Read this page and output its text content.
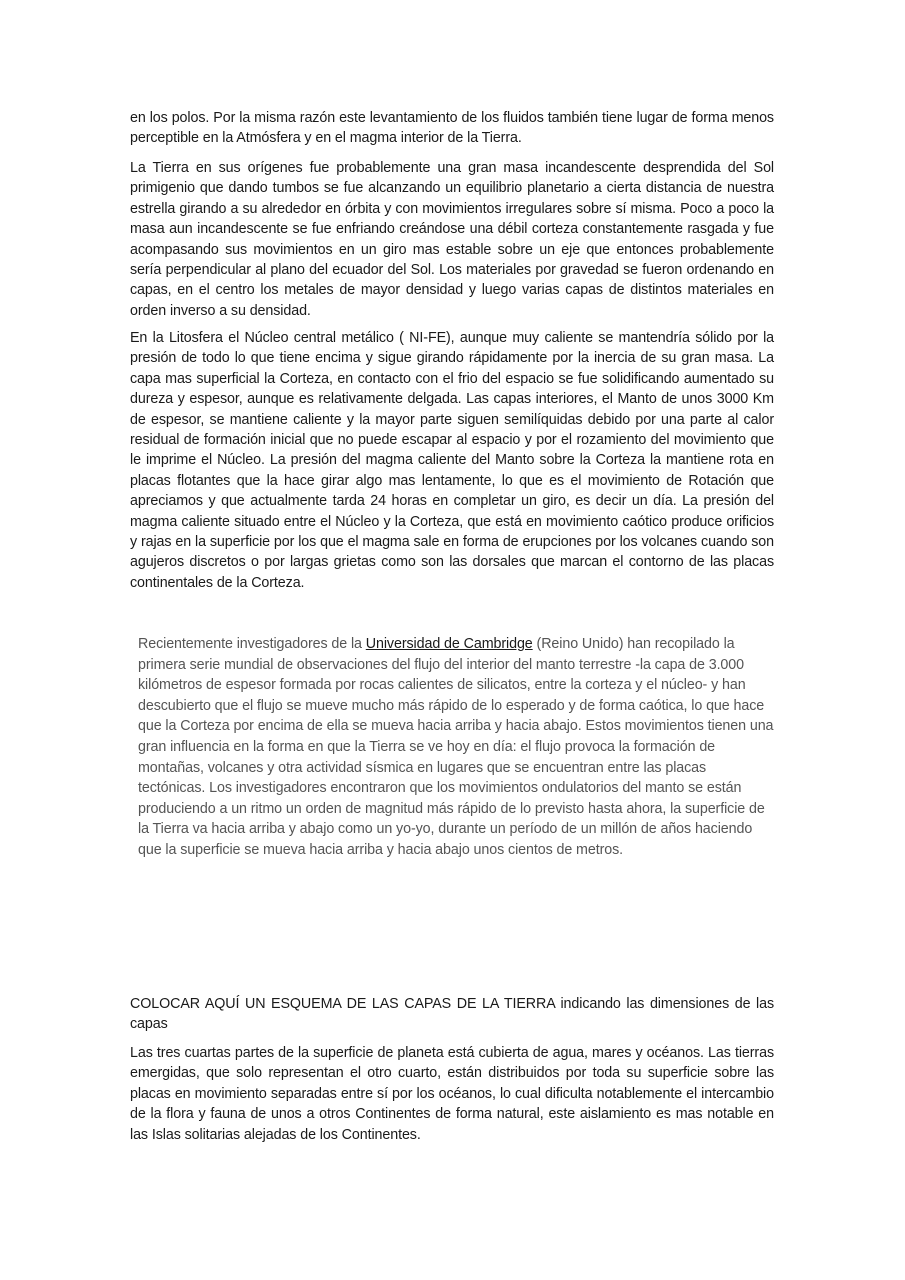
en los polos. Por la misma razón este levantamiento de los fluidos también tiene lugar de forma menos perceptible en la Atmósfera y en el magma interior de la Tierra.

La Tierra en sus orígenes fue probablemente una gran masa incandescente desprendida del Sol primigenio que dando tumbos se fue alcanzando un equilibrio planetario a cierta distancia de nuestra estrella girando a su alrededor en órbita y con movimientos irregulares sobre sí misma. Poco a poco la masa aun incandescente se fue enfriando creándose una débil corteza constantemente rasgada y fue acompasando sus movimientos en un giro mas estable sobre un eje que entonces probablemente sería perpendicular al plano del ecuador del Sol. Los materiales por gravedad se fueron ordenando en capas, en el centro los metales de mayor densidad y luego varias capas de distintos materiales en orden inverso a su densidad.

En la Litosfera el Núcleo central metálico ( NI-FE), aunque muy caliente se mantendría sólido por la presión de todo lo que tiene encima y sigue girando rápidamente por la inercia de su gran masa. La capa mas superficial la Corteza, en contacto con el frio del espacio se fue solidificando aumentado su dureza y espesor, aunque es relativamente delgada. Las capas interiores, el Manto de unos 3000 Km de espesor, se mantiene caliente y la mayor parte siguen semilíquidas debido por una parte al calor residual de formación inicial que no puede escapar al espacio y por el rozamiento del movimiento que le imprime el Núcleo. La presión del magma caliente del Manto sobre la Corteza la mantiene rota en placas flotantes que la hace girar algo mas lentamente, lo que es el movimiento de Rotación que apreciamos y que actualmente tarda 24 horas en completar un giro, es decir un día. La presión del magma caliente situado entre el Núcleo y la Corteza, que está en movimiento caótico produce orificios y rajas en la superficie por los que el magma sale en forma de erupciones por los volcanes cuando son agujeros discretos o por largas grietas como son las dorsales que marcan el contorno de las placas continentales de la Corteza.

Recientemente investigadores de la Universidad de Cambridge (Reino Unido) han recopilado la primera serie mundial de observaciones del flujo del interior del manto terrestre -la capa de 3.000 kilómetros de espesor formada por rocas calientes de silicatos, entre la corteza y el núcleo- y han descubierto que el flujo se mueve mucho más rápido de lo esperado y de forma caótica, lo que hace que la Corteza por encima de ella se mueva hacia arriba y hacia abajo. Estos movimientos tienen una gran influencia en la forma en que la Tierra se ve hoy en día: el flujo provoca la formación de montañas, volcanes y otra actividad sísmica en lugares que se encuentran entre las placas tectónicas. Los investigadores encontraron que los movimientos ondulatorios del manto se están produciendo a un ritmo un orden de magnitud más rápido de lo previsto hasta ahora, la superficie de la Tierra va hacia arriba y abajo como un yo-yo, durante un período de un millón de años haciendo que la superficie se mueva hacia arriba y hacia abajo unos cientos de metros.

COLOCAR AQUÍ UN ESQUEMA DE LAS CAPAS DE LA TIERRA indicando las dimensiones de las capas

Las tres cuartas partes de la superficie de planeta está cubierta de agua, mares y océanos. Las tierras emergidas, que solo representan el otro cuarto, están distribuidos por toda su superficie sobre las placas en movimiento separadas entre sí por los océanos, lo cual dificulta notablemente el intercambio de la flora y fauna de unos a otros Continentes de forma natural, este aislamiento es mas notable en las Islas solitarias alejadas de los Continentes.
